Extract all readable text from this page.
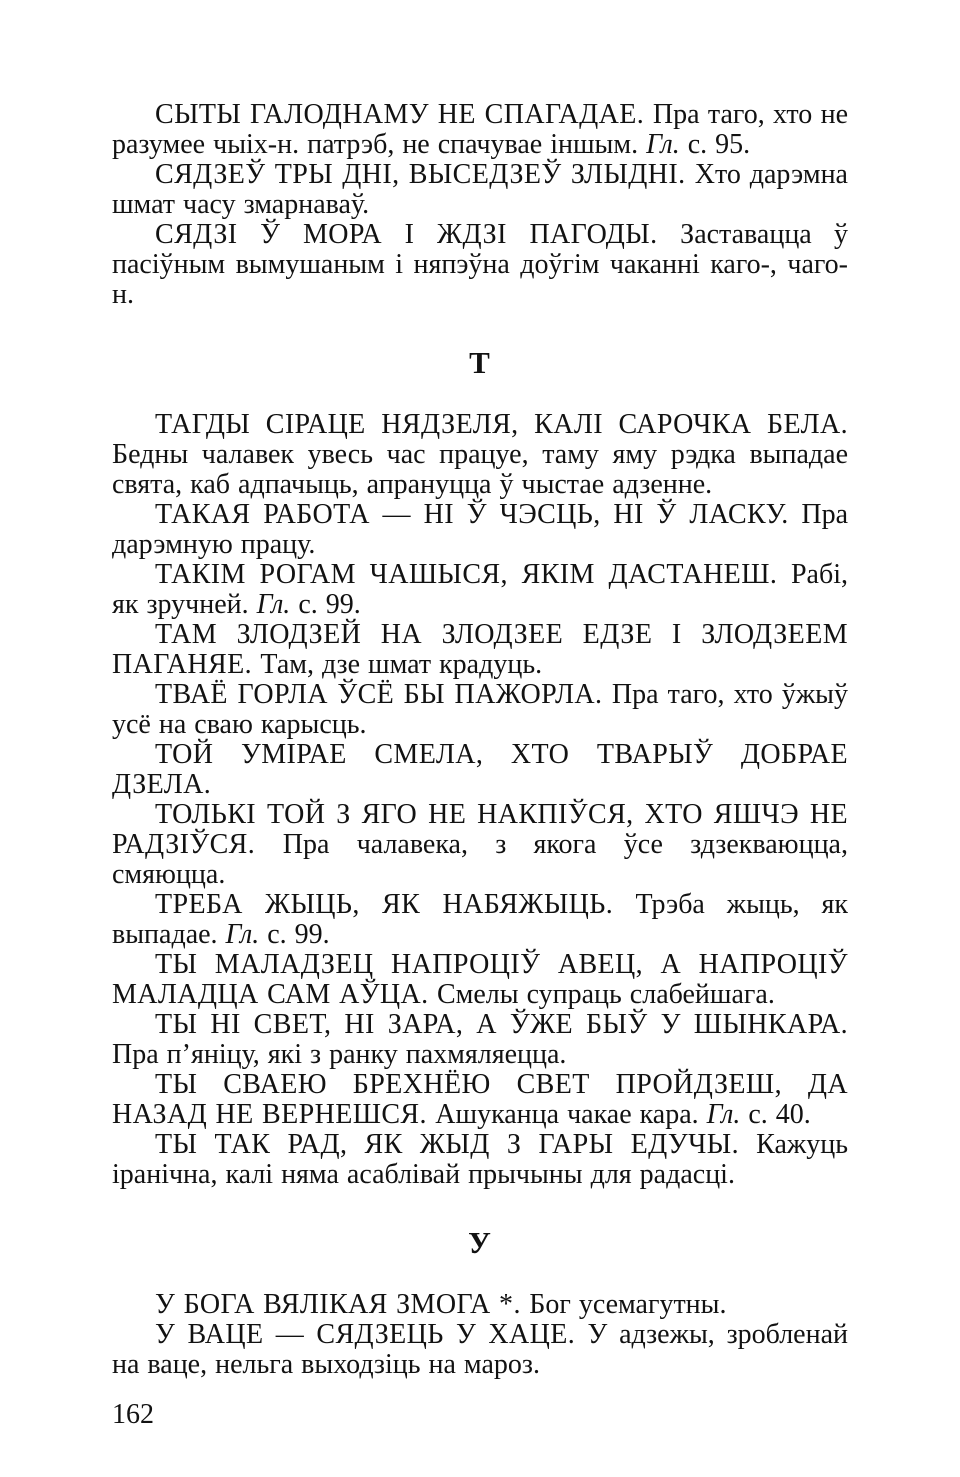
СЫТЫ ГАЛОДНАМУ НЕ СПАГАДАЕ. Пра таго, хто не разумее чыіх-н. патрэб, не спачувае іншым. Гл. с. 95.

СЯДЗЕЎ ТРЫ ДНІ, ВЫСЕДЗЕЎ ЗЛЫДНІ. Хто дарэмна шмат часу змарнаваў.

СЯДЗІ Ў МОРА І ЖДЗІ ПАГОДЫ. Заставацца ў пасіўным вымушаным і няпэўна доўгім чаканні каго-, чаго-н.

Т

ТАГДЫ СІРАЦЕ НЯДЗЕЛЯ, КАЛІ САРОЧКА БЕЛА. Бедны чалавек увесь час працуе, таму яму рэдка выпадае свята, каб адпачыць, апрануцца ў чыстае адзенне.

ТАКАЯ РАБОТА — НІ Ў ЧЭСЦЬ, НІ Ў ЛАСКУ. Пра дарэмную працу.

ТАКІМ РОГАМ ЧАШЫСЯ, ЯКІМ ДАСТАНЕШ. Рабі, як зручней. Гл. с. 99.

ТАМ ЗЛОДЗЕЙ НА ЗЛОДЗЕЕ ЕДЗЕ І ЗЛОДЗЕЕМ ПАГАНЯЕ. Там, дзе шмат крадуць.

ТВАЁ ГОРЛА ЎСЁ БЫ ПАЖОРЛА. Пра таго, хто ўжыў усё на сваю карысць.

ТОЙ УМІРАЕ СМЕЛА, ХТО ТВАРЫЎ ДОБРАЕ ДЗЕЛА.

ТОЛЬКІ ТОЙ З ЯГО НЕ НАКПІЎСЯ, ХТО ЯШЧЭ НЕ РАДЗІЎСЯ. Пра чалавека, з якога ўсе здзекваюцца, смяюцца.

ТРЕБА ЖЫЦЬ, ЯК НАБЯЖЫЦЬ. Трэба жыць, як выпадае. Гл. с. 99.

ТЫ МАЛАДЗЕЦ НАПРОЦІЎ АВЕЦ, А НАПРОЦІЎ МАЛАДЦА САМ АЎЦА. Смелы супраць слабейшага.

ТЫ НІ СВЕТ, НІ ЗАРА, А ЎЖЕ БЫЎ У ШЫНКАРА. Пра п’яніцу, які з ранку пахмяляецца.

ТЫ СВАЕЮ БРЕХНЁЮ СВЕТ ПРОЙДЗЕШ, ДА НАЗАД НЕ ВЕРНЕШСЯ. Ашуканца чакае кара. Гл. с. 40.

ТЫ ТАК РАД, ЯК ЖЫД З ГАРЫ ЕДУЧЫ. Кажуць іранічна, калі няма асаблівай прычыны для радасці.

У

У БОГА ВЯЛІКАЯ ЗМОГА *. Бог усемагутны.

У ВАЦЕ — СЯДЗЕЦЬ У ХАЦЕ. У адзежы, зробленай на ваце, нельга выходзіць на мароз.

162
